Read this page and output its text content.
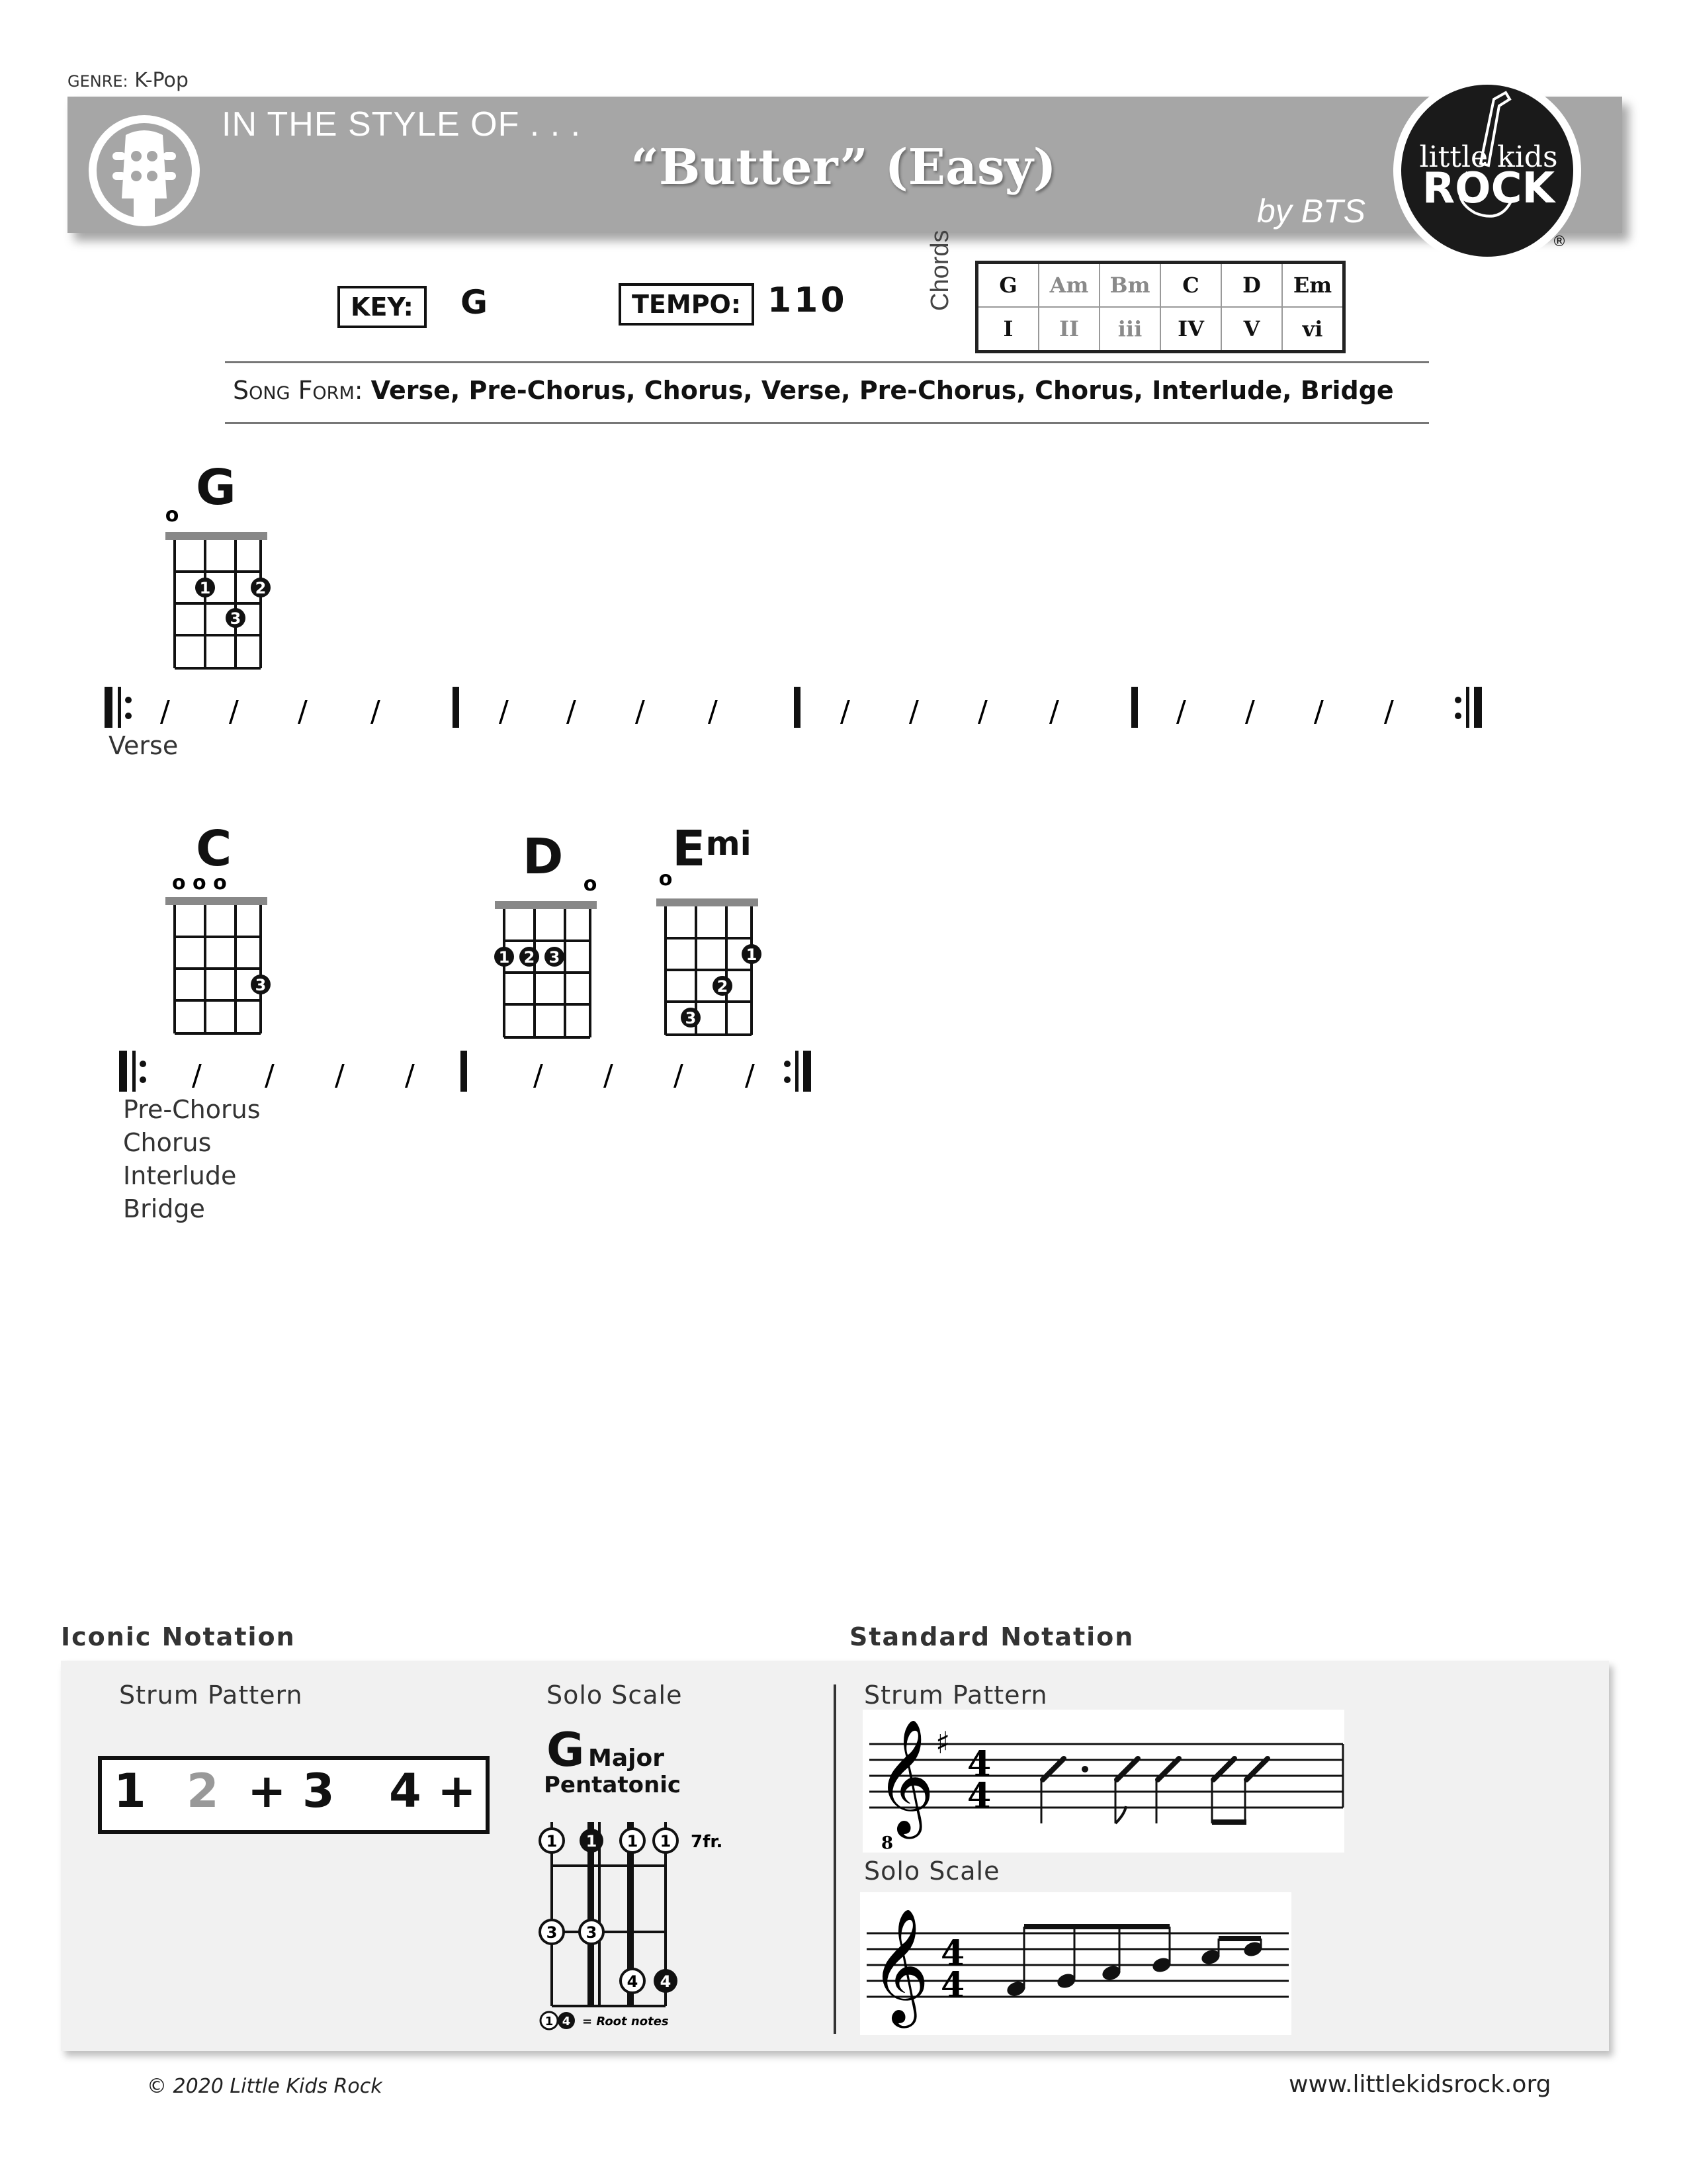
GENRE: K-Pop
IN THE STYLE OF . . .
“Butter” (Easy)
by BTS
little kids
ROCK
®
KEY:	G	TEMPO: 110	Chords G	Am	Bm	C	D	Em
I	II	iii	IV	V	vi
Song Form: Verse, Pre-Chorus, Chorus, Verse, Pre-Chorus, Chorus, Interlude, Bridge
G
o
1	2
3
/ / / /	/ / / /	/ / / /	/ / / /
Verse
C
o o o
3
D o
1 2 3
Emi
o
1
2
3
/ / / /	/ / / /
Pre-Chorus
Chorus
Interlude
Bridge
Iconic Notation	Standard Notation
Strum Pattern
1 2 + 3 4 +
Solo Scale
G Major
Pentatonic
1 1 1 1
3 3
4 4
7fr.
1 4 = Root notes
Strum Pattern
𝄞
8
♯
4
4
Solo Scale
𝄞 4
4
© 2020 Little Kids Rock	www.littlekidsrock.org
